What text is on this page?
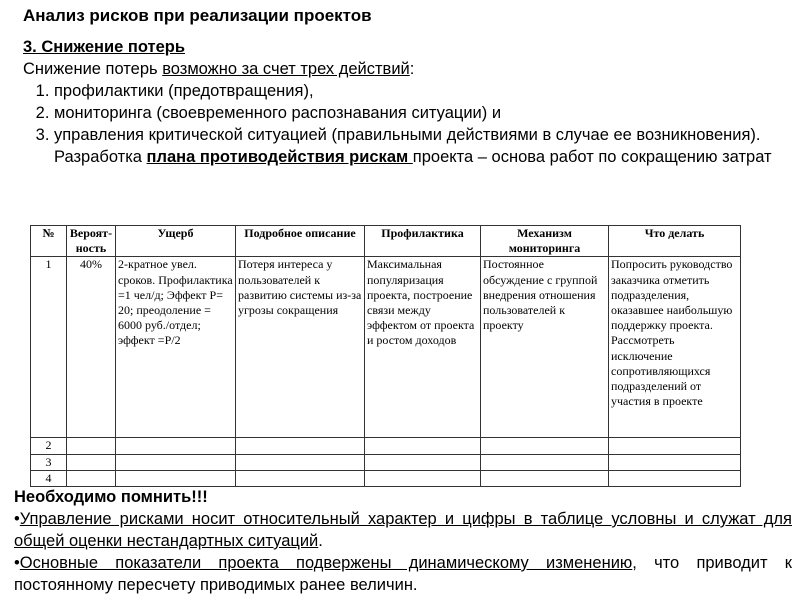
Анализ рисков при реализации проектов
3. Снижение потерь
Снижение потерь возможно за счет трех действий:
1. профилактики (предотвращения),
2. мониторинга (своевременного распознавания ситуации) и
3. управления критической ситуацией (правильными действиями в случае ее возникновения).
Разработка плана противодействия рискам проекта – основа работ по сокращению затрат
№	Вероят-ность	Ущерб	Подробное описание	Профилактика	Механизм мониторинга	Что делать
1	40%	2-кратное увел. сроков. Профилактика =1 чел/д; Эффект Р= 20; преодоление = 6000 руб./отдел; эффект =Р/2	Потеря интереса у пользователей к развитию системы из-за угрозы сокращения	Максимальная популяризация проекта, построение связи между эффектом от проекта и ростом доходов	Постоянное обсуждение с группой внедрения отношения пользователей к проекту	Попросить руководство заказчика отметить подразделения, оказавшее наибольшую поддержку проекта. Рассмотреть исключение сопротивляющихся подразделений от участия в проекте
2						
3						
4						
Необходимо помнить!!!
•Управление рисками носит относительный характер и цифры в таблице условны и служат для общей оценки нестандартных ситуаций.
•Основные показатели проекта подвержены динамическому изменению, что приводит к постоянному пересчету приводимых ранее величин.
